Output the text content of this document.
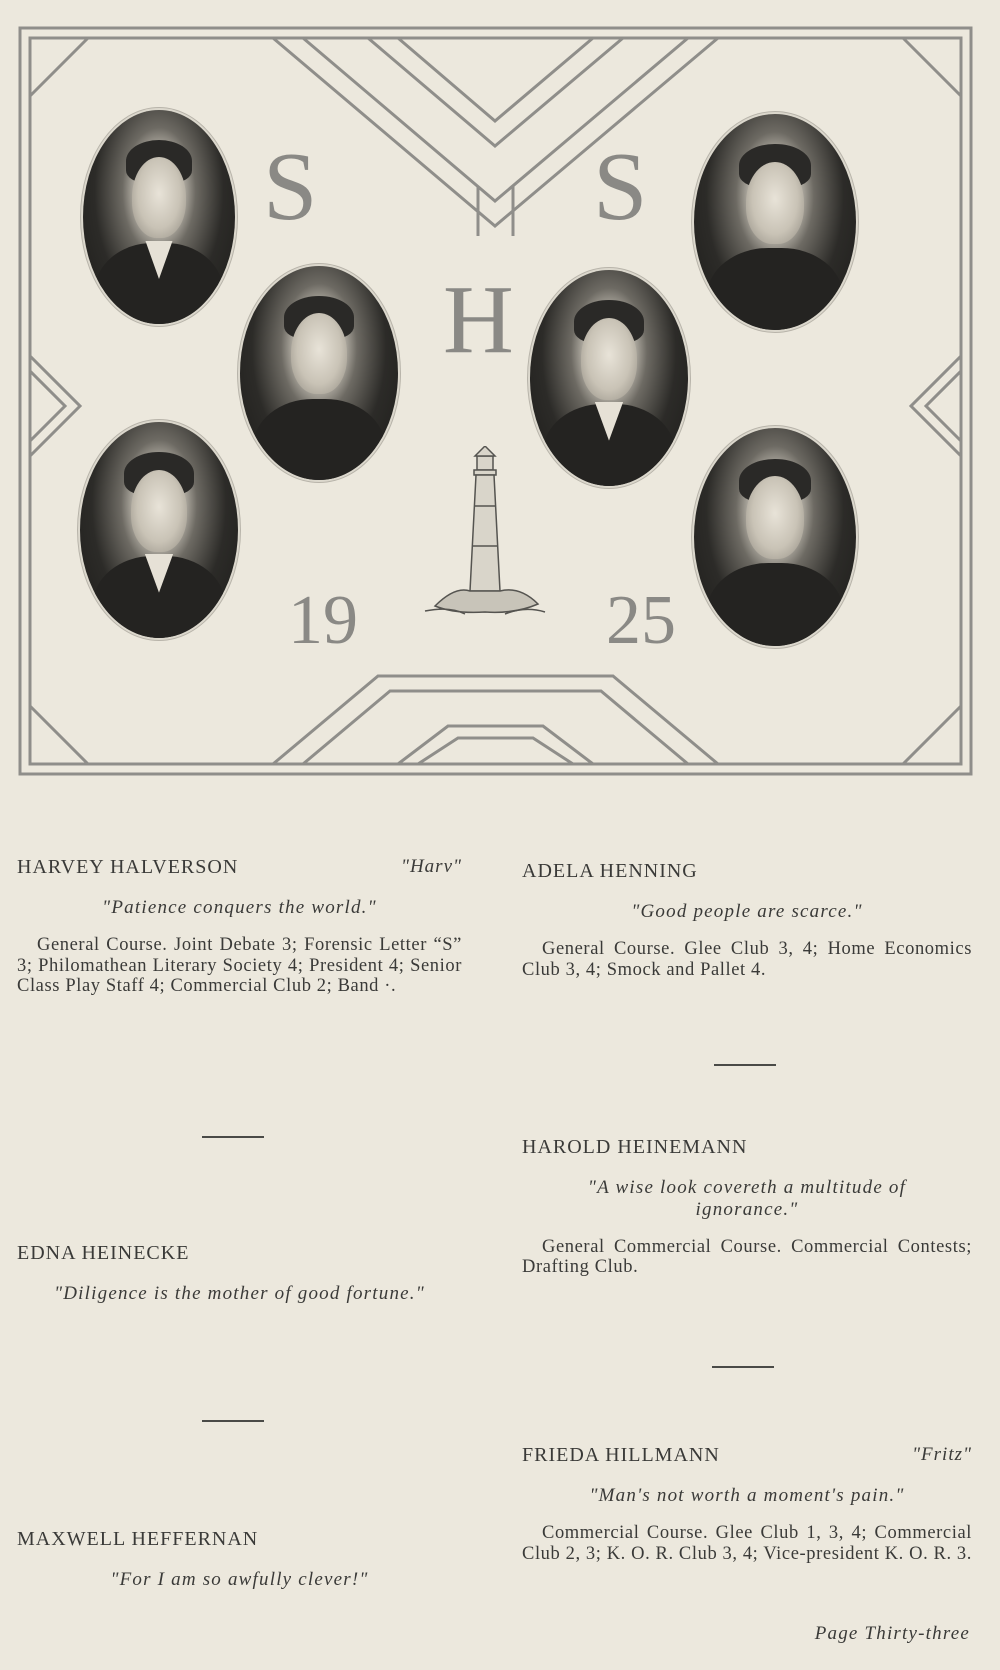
S	S
H
19	25
HARVEY HALVERSON	"Harv"
"Patience conquers the world."
General Course. Joint Debate 3; Forensic Letter “S” 3; Philomathean Literary Society 4; President 4; Senior Class Play Staff 4; Commercial Club 2; Band ·.
EDNA HEINECKE
"Diligence is the mother of good fortune."
MAXWELL HEFFERNAN
"For I am so awfully clever!"
ADELA HENNING
"Good people are scarce."
General Course. Glee Club 3, 4; Home Economics Club 3, 4; Smock and Pallet 4.
HAROLD HEINEMANN
"A wise look covereth a multitude of ignorance."
General Commercial Course. Commercial Contests; Drafting Club.
FRIEDA HILLMANN	"Fritz"
"Man's not worth a moment's pain."
Commercial Course. Glee Club 1, 3, 4; Commercial Club 2, 3; K. O. R. Club 3, 4; Vice-president K. O. R. 3.
Page Thirty-three
